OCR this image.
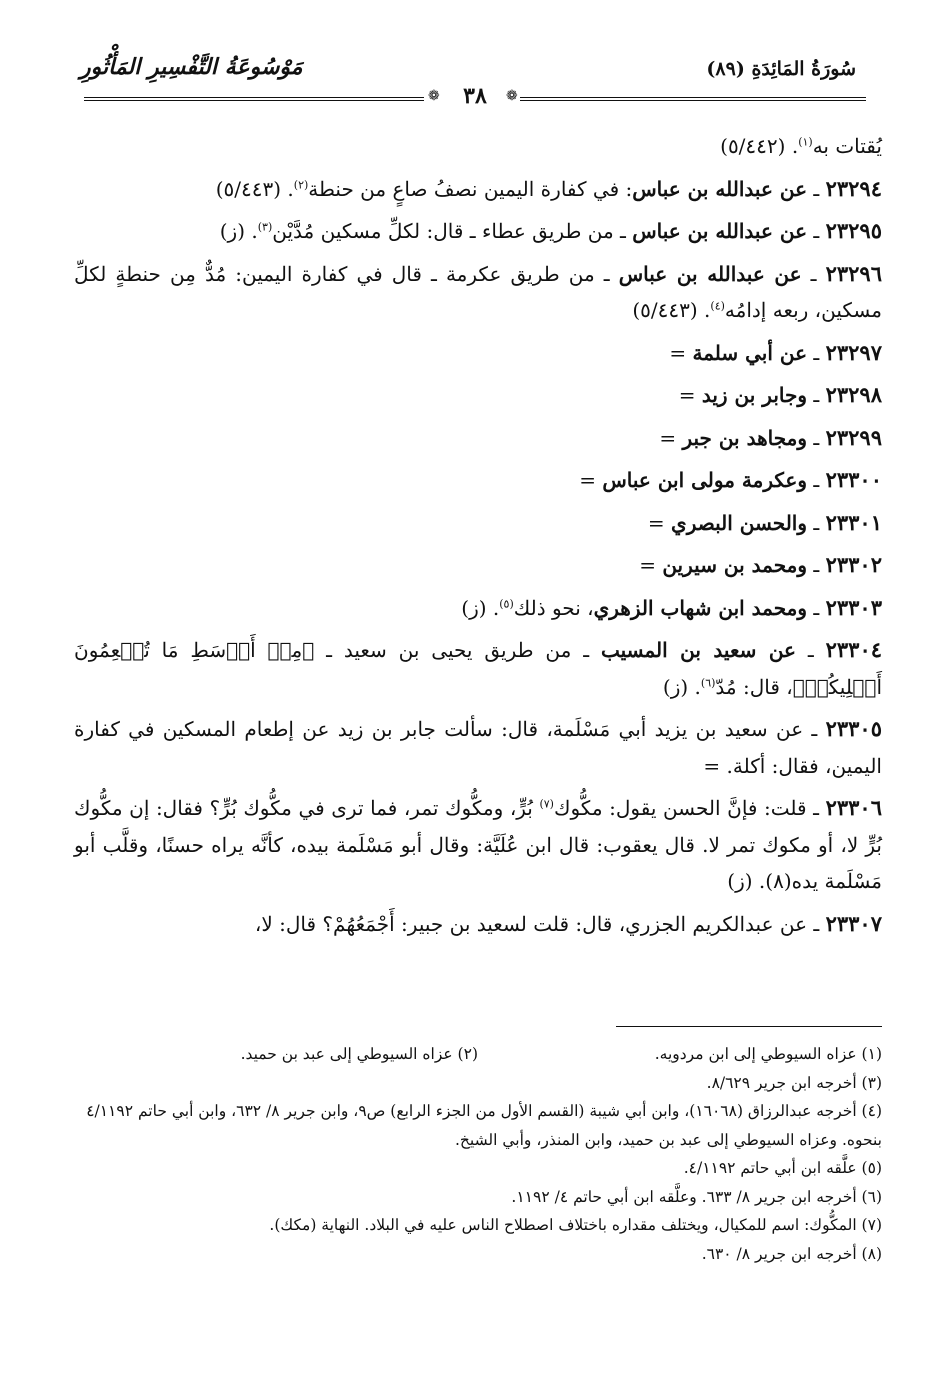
سُورَةُ المَائِدَةِ (٨٩)
مَوْسُوعَةُ التَّفْسِيرِ المَأْثُورِ
❁	❁
٣٨

يُقتات به$^{(١)}$. (٥/٤٤٢)

٢٣٢٩٤ ـ عن عبدالله بن عباس: في كفارة اليمين نصفُ صاعٍ من حنطة$^{(٢)}$. (٥/٤٤٣)

٢٣٢٩٥ ـ عن عبدالله بن عباس ـ من طريق عطاء ـ قال: لكلِّ مسكين مُدَّيْن$^{(٣)}$. (ز)

٢٣٢٩٦ ـ عن عبدالله بن عباس ـ من طريق عكرمة ـ قال في كفارة اليمين: مُدٌّ مِن حنطةٍ لكلِّ مسكين، ربعه إدامُه$^{(٤)}$. (٥/٤٤٣)

٢٣٢٩٧ ـ عن أبي سلمة =

٢٣٢٩٨ ـ وجابر بن زيد =

٢٣٢٩٩ ـ ومجاهد بن جبر =

٢٣٣٠٠ ـ وعكرمة مولى ابن عباس =

٢٣٣٠١ ـ والحسن البصري =

٢٣٣٠٢ ـ ومحمد بن سيرين =

٢٣٣٠٣ ـ ومحمد ابن شهاب الزهري، نحو ذلك$^{(٥)}$. (ز)

٢٣٣٠٤ ـ عن سعيد بن المسيب ـ من طريق يحيى بن سعيد ـ ﴿مِنۡ أَوۡسَطِ مَا تُطۡعِمُونَ أَهۡلِيكُمۡ﴾، قال: مُدّ$^{(٦)}$. (ز)

٢٣٣٠٥ ـ عن سعيد بن يزيد أبي مَسْلَمة، قال: سألت جابر بن زيد عن إطعام المسكين في كفارة اليمين، فقال: أكلة. =

٢٣٣٠٦ ـ قلت: فإنَّ الحسن يقول: مكُّوك$^{(٧)}$ بُرٍّ، ومكُّوك تمر، فما ترى في مكُّوك بُرٍّ؟ فقال: إن مكُّوك بُرٍّ لا، أو مكوك تمر لا. قال يعقوب: قال ابن عُلَيَّة: وقال أبو مَسْلَمة بيده، كأنَّه يراه حسنًا، وقلَّب أبو مَسْلَمة يده(٨). (ز)

٢٣٣٠٧ ـ عن عبدالكريم الجزري، قال: قلت لسعيد بن جبير: أَجْمَعُهُمْ؟ قال: لا،

(١) عزاه السيوطي إلى ابن مردويه.

(٢) عزاه السيوطي إلى عبد بن حميد.

(٣) أخرجه ابن جرير ٨/٦٢٩.

(٤) أخرجه عبدالرزاق (١٦٠٦٨)، وابن أبي شيبة (القسم الأول من الجزء الرابع) ص٩، وابن جرير ٨/ ٦٣٢، وابن أبي حاتم ٤/١١٩٢ بنحوه. وعزاه السيوطي إلى عبد بن حميد، وابن المنذر، وأبي الشيخ.

(٥) علَّقه ابن أبي حاتم ٤/١١٩٢.

(٦) أخرجه ابن جرير ٨/ ٦٣٣. وعلَّقه ابن أبي حاتم ٤/ ١١٩٢.

(٧) المكُّوك: اسم للمكيال، ويختلف مقداره باختلاف اصطلاح الناس عليه في البلاد. النهاية (مكك).

(٨) أخرجه ابن جرير ٨/ ٦٣٠.
